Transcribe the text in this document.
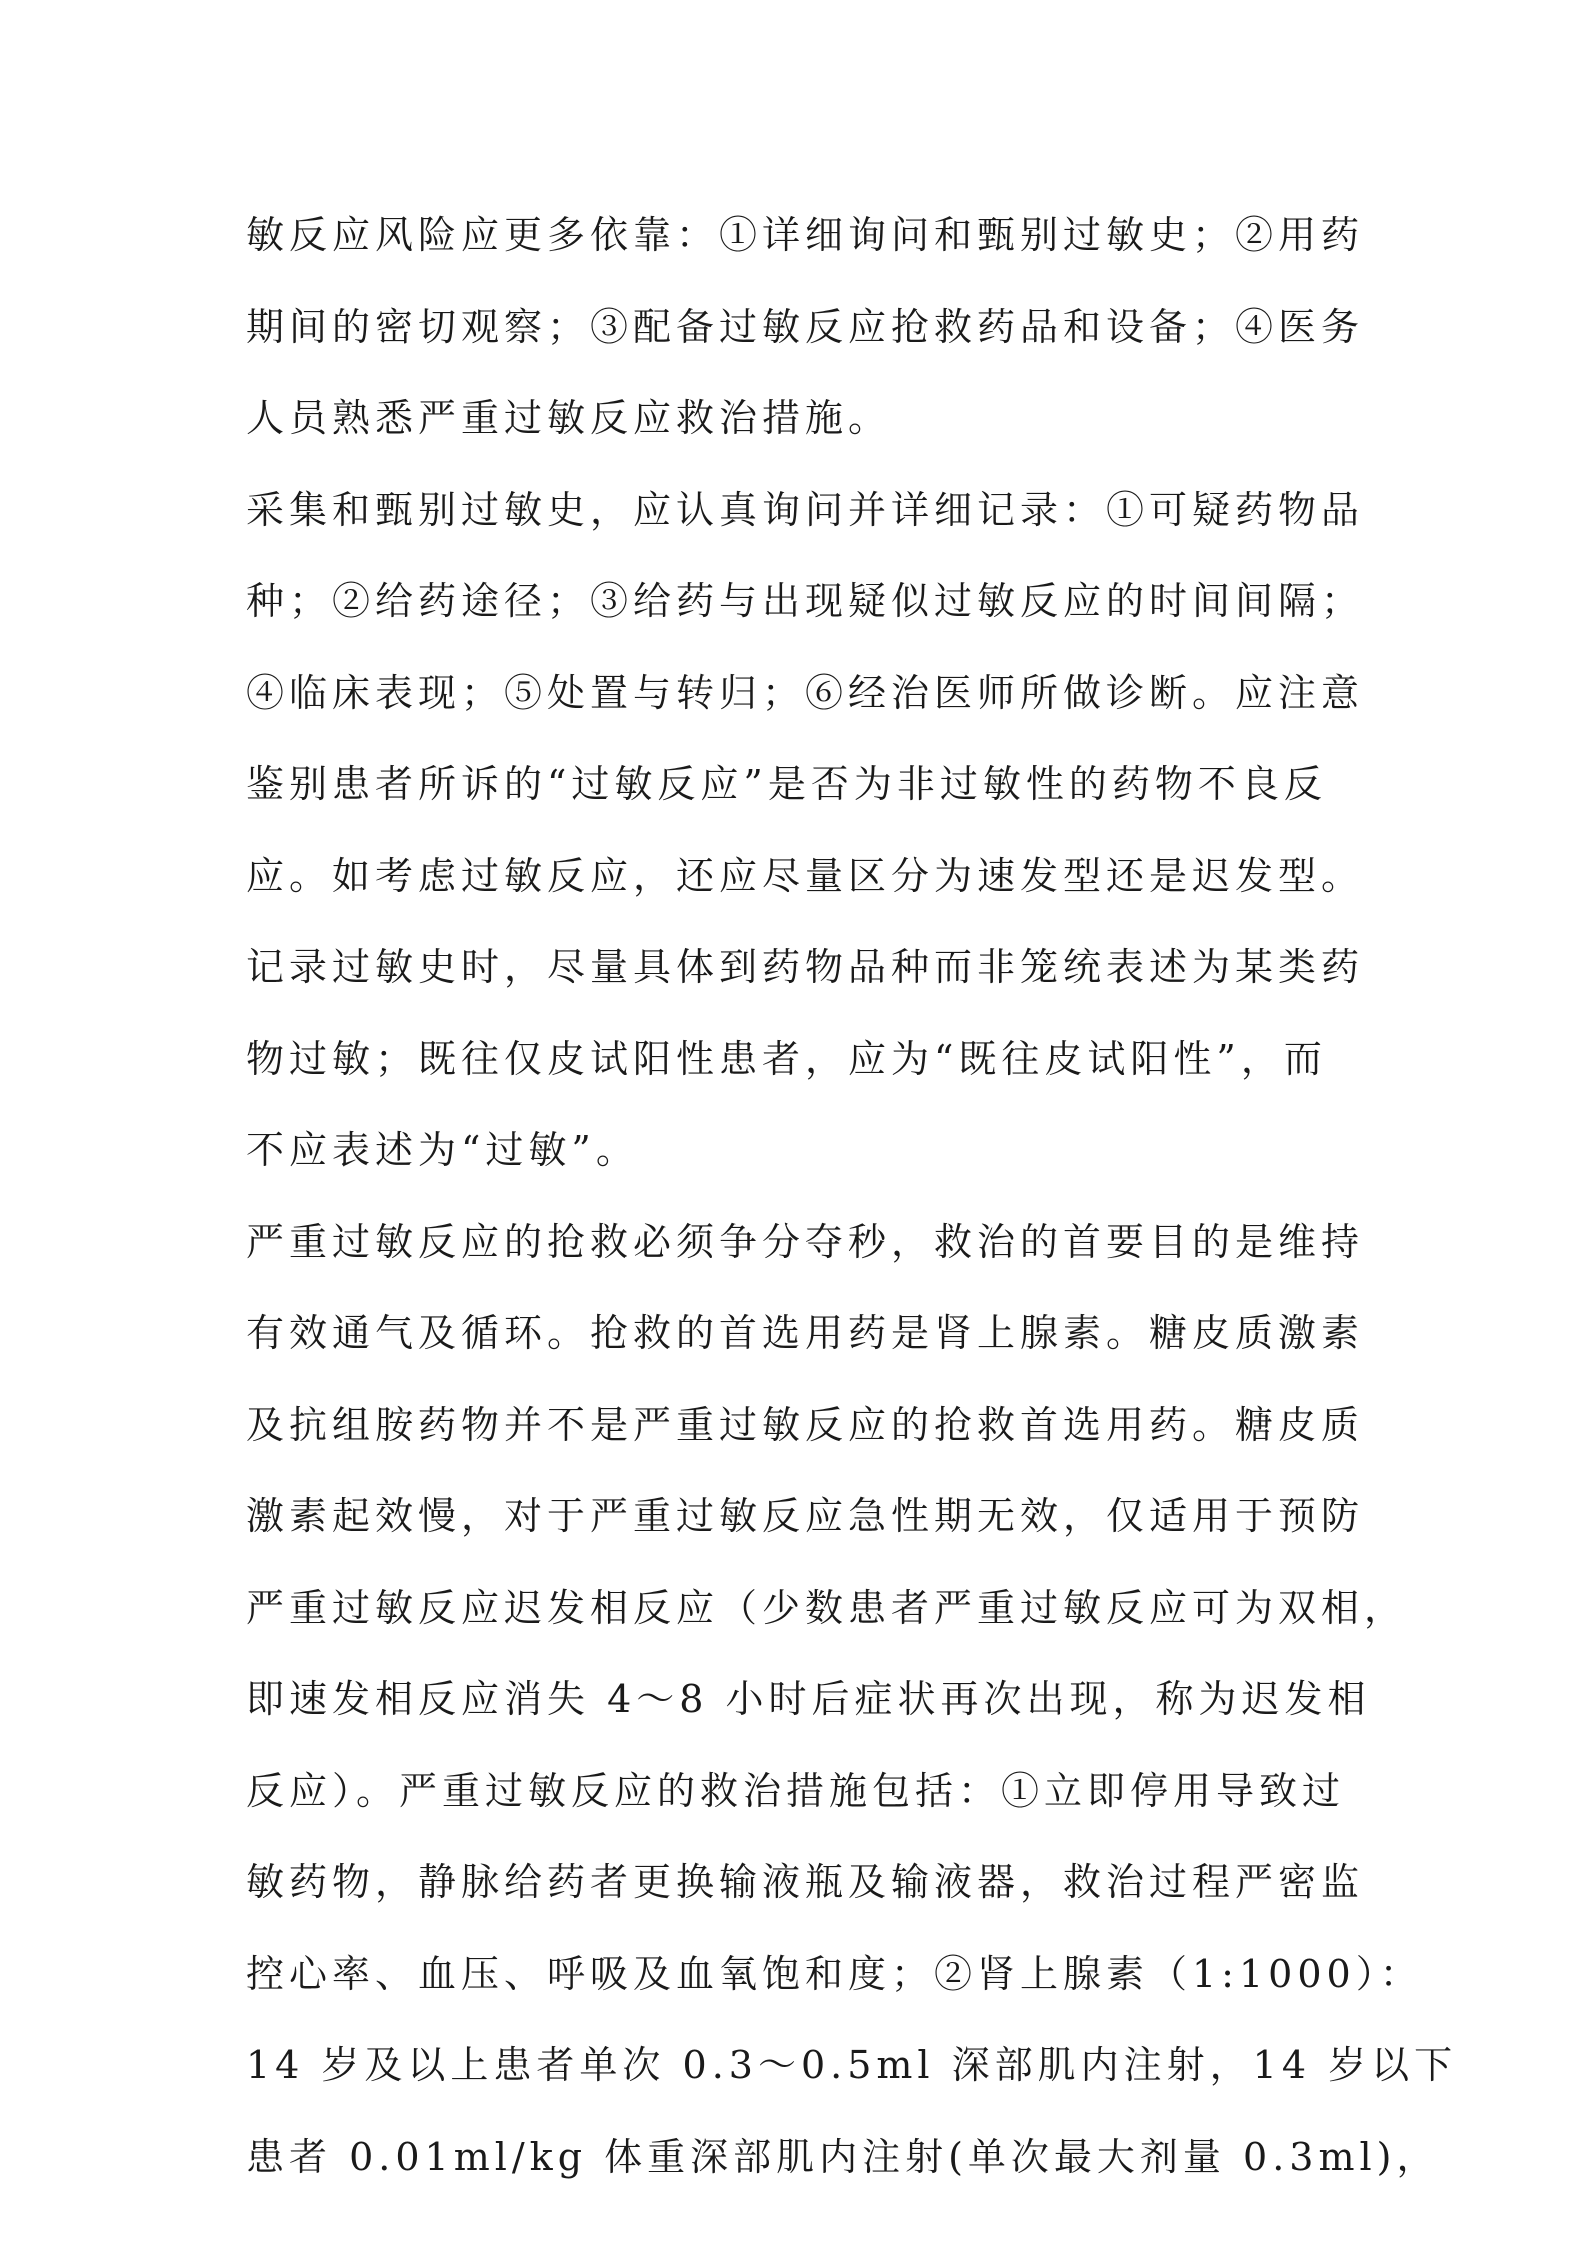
敏反应风险应更多依靠：①详细询问和甄别过敏史；②用药
期间的密切观察；③配备过敏反应抢救药品和设备；④医务
人员熟悉严重过敏反应救治措施。
采集和甄别过敏史，应认真询问并详细记录：①可疑药物品
种；②给药途径；③给药与出现疑似过敏反应的时间间隔；
④临床表现；⑤处置与转归；⑥经治医师所做诊断。应注意
鉴别患者所诉的“过敏反应”是否为非过敏性的药物不良反
应。如考虑过敏反应，还应尽量区分为速发型还是迟发型。
记录过敏史时，尽量具体到药物品种而非笼统表述为某类药
物过敏；既往仅皮试阳性患者，应为“既往皮试阳性”，而
不应表述为“过敏”。
严重过敏反应的抢救必须争分夺秒，救治的首要目的是维持
有效通气及循环。抢救的首选用药是肾上腺素。糖皮质激素
及抗组胺药物并不是严重过敏反应的抢救首选用药。糖皮质
激素起效慢，对于严重过敏反应急性期无效，仅适用于预防
严重过敏反应迟发相反应（少数患者严重过敏反应可为双相，
即速发相反应消失 4～8 小时后症状再次出现，称为迟发相
反应）。严重过敏反应的救治措施包括：①立即停用导致过
敏药物，静脉给药者更换输液瓶及输液器，救治过程严密监
控心率、血压、呼吸及血氧饱和度；②肾上腺素（1:1000）：
14 岁及以上患者单次 0.3～0.5ml 深部肌内注射，14 岁以下
患者 0.01ml/kg 体重深部肌内注射(单次最大剂量 0.3ml)，
